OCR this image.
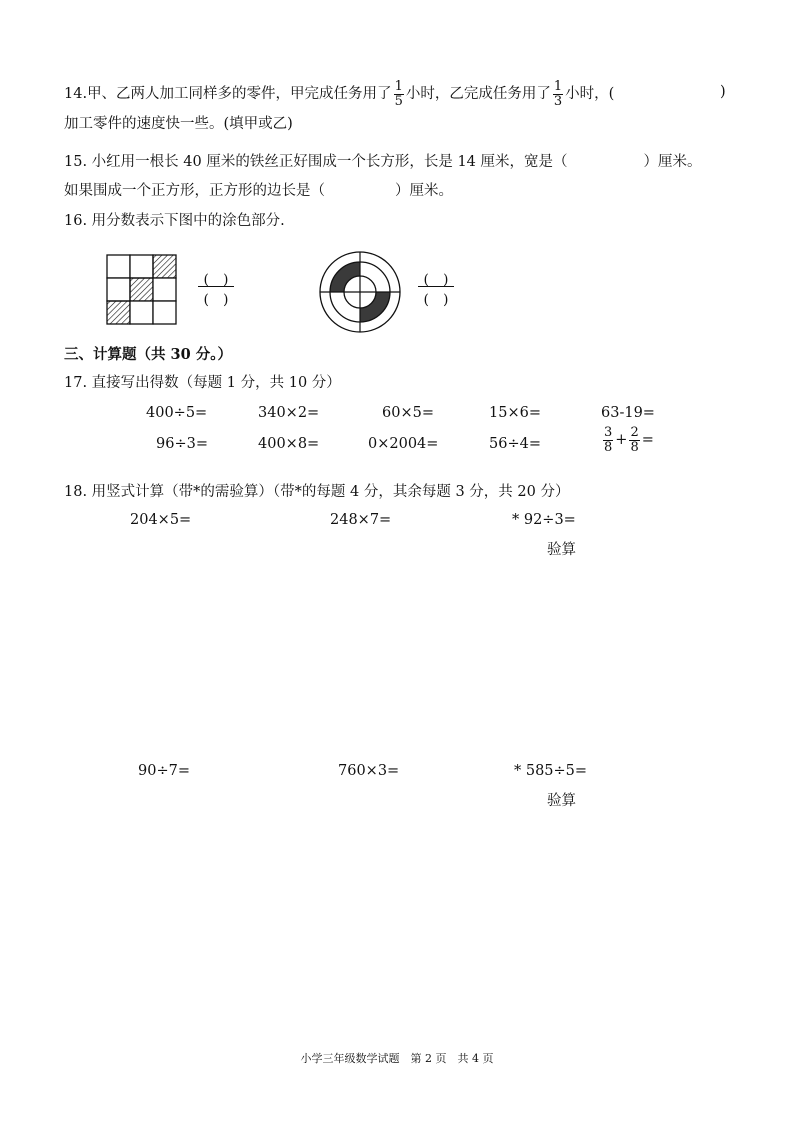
14.甲、乙两人加工同样多的零件，甲完成任务用了 $\frac{1}{5}$ 小时，乙完成任务用了 $\frac{1}{3}$ 小时，(	)
加工零件的速度快一些。(填甲或乙)
15. 小红用一根长 40 厘米的铁丝正好围成一个长方形，长是 14 厘米，宽是（	）厘米。
如果围成一个正方形，正方形的边长是（	）厘米。
16. 用分数表示下图中的涂色部分.
(　)
(　)
(　)
(　)
三、计算题（共 30 分。）
17. 直接写出得数（每题 1 分，共 10 分）
400÷5=	340×2=	60×5=	15×6=	63-19=
96÷3=	400×8=	0×2004=	56÷4=	$\frac{3}{8} + \frac{2}{8}$ =
18. 用竖式计算（带*的需验算）（带*的每题 4 分，其余每题 3 分，共 20 分）
204×5=	248×7=	* 92÷3=
验算
90÷7=	760×3=	* 585÷5=
验算
小学三年级数学试题　第 2 页　共 4 页
